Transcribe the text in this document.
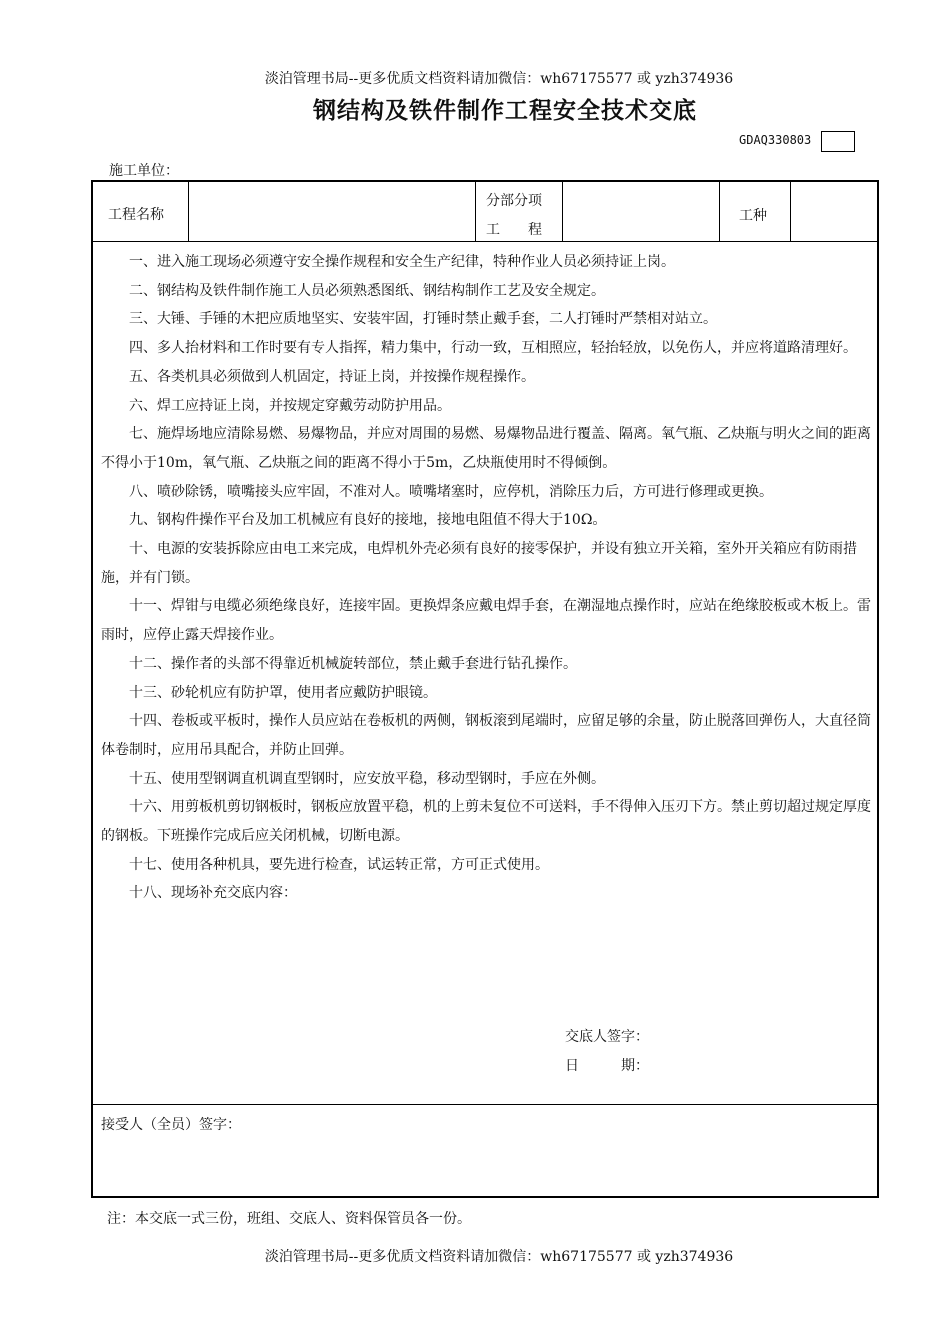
淡泊管理书局--更多优质文档资料请加微信：wh67175577 或 yzh374936
钢结构及铁件制作工程安全技术交底
GDAQ330803
施工单位：
工程名称
分部分项
工　　程
工种

一、进入施工现场必须遵守安全操作规程和安全生产纪律，特种作业人员必须持证上岗。

二、钢结构及铁件制作施工人员必须熟悉图纸、钢结构制作工艺及安全规定。

三、大锤、手锤的木把应质地坚实、安装牢固，打锤时禁止戴手套，二人打锤时严禁相对站立。

四、多人抬材料和工作时要有专人指挥，精力集中，行动一致，互相照应，轻抬轻放，以免伤人，并应将道路清理好。

五、各类机具必须做到人机固定，持证上岗，并按操作规程操作。

六、焊工应持证上岗，并按规定穿戴劳动防护用品。

七、施焊场地应清除易燃、易爆物品，并应对周围的易燃、易爆物品进行覆盖、隔离。氧气瓶、乙炔瓶与明火之间的距离不得小于10m，氧气瓶、乙炔瓶之间的距离不得小于5m，乙炔瓶使用时不得倾倒。

八、喷砂除锈，喷嘴接头应牢固，不准对人。喷嘴堵塞时，应停机，消除压力后，方可进行修理或更换。

九、钢构件操作平台及加工机械应有良好的接地，接地电阻值不得大于10Ω。

十、电源的安装拆除应由电工来完成，电焊机外壳必须有良好的接零保护，并设有独立开关箱，室外开关箱应有防雨措施，并有门锁。

十一、焊钳与电缆必须绝缘良好，连接牢固。更换焊条应戴电焊手套，在潮湿地点操作时，应站在绝缘胶板或木板上。雷雨时，应停止露天焊接作业。

十二、操作者的头部不得靠近机械旋转部位，禁止戴手套进行钻孔操作。

十三、砂轮机应有防护罩，使用者应戴防护眼镜。

十四、卷板或平板时，操作人员应站在卷板机的两侧，钢板滚到尾端时，应留足够的余量，防止脱落回弹伤人，大直径筒体卷制时，应用吊具配合，并防止回弹。

十五、使用型钢调直机调直型钢时，应安放平稳，移动型钢时，手应在外侧。

十六、用剪板机剪切钢板时，钢板应放置平稳，机的上剪未复位不可送料，手不得伸入压刃下方。禁止剪切超过规定厚度的钢板。下班操作完成后应关闭机械，切断电源。

十七、使用各种机具，要先进行检查，试运转正常，方可正式使用。

十八、现场补充交底内容：

交底人签字：
日　　　期：
接受人（全员）签字：
注：本交底一式三份，班组、交底人、资料保管员各一份。
淡泊管理书局--更多优质文档资料请加微信：wh67175577 或 yzh374936
